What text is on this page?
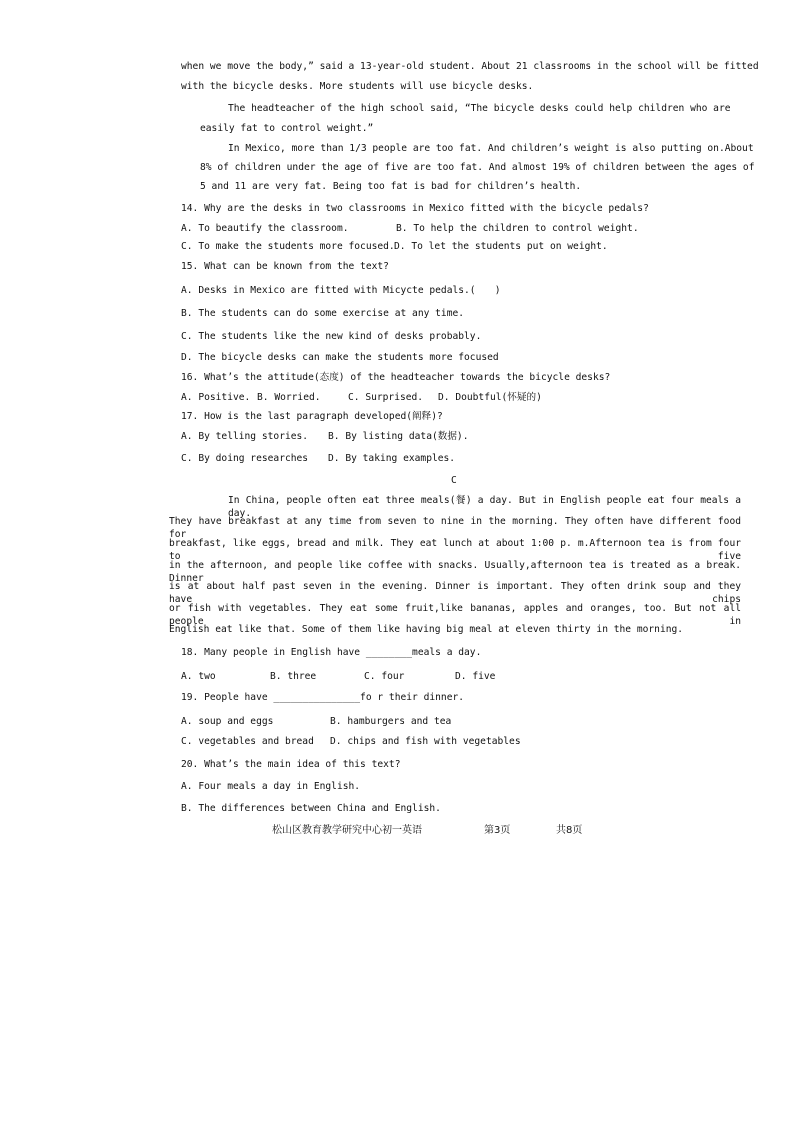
when we move the body,” said a 13-year-old student. About 21 classrooms in the school will be fitted
with the bicycle desks. More students will use bicycle desks.
The headteacher of the high school said, “The bicycle desks could help children who are
easily fat to control weight.”
In Mexico, more than 1/3 people are too fat. And children’s weight is also putting on.About
8% of children under the age of five are too fat. And almost 19% of children between the ages of
5 and 11 are very fat. Being too fat is bad for children’s health.
14. Why are the desks in two classrooms in Mexico fitted with the bicycle pedals?
A. To beautify the classroom.	B. To help the children to control weight.
C. To make the students more focused. D. To let the students put on weight.
15. What can be known from the text?
A. Desks in Mexico are fitted with Micycte pedals.(　　)
B. The students can do some exercise at any time.
C. The students like the new kind of desks probably.
D. The bicycle desks can make the students more focused
16. What’s the attitude(态度) of the headteacher towards the bicycle desks?
A. Positive. B. Worried.	C. Surprised. D. Doubtful(怀疑的)
17. How is the last paragraph developed(阐释)?
A. By telling stories. B. By listing data(数据).
C. By doing researches D. By taking examples.
C
In China, people often eat three meals(餐) a day. But in English people eat four meals a day.
They have breakfast at any time from seven to nine in the morning. They often have different food for
breakfast, like eggs, bread and milk. They eat lunch at about 1:00 p. m.Afternoon tea is from four to five
in the afternoon, and people like coffee with snacks. Usually,afternoon tea is treated as a break. Dinner
is at about half past seven in the evening. Dinner is important. They often drink soup and they have chips
or fish with vegetables. They eat some fruit,like bananas, apples and oranges, too. But not all people in
English eat like that. Some of them like having big meal at eleven thirty in the morning.
18. Many people in English have ________meals a day.
A. two	B. three	C. four	D. five
19. People have _______________fo r their dinner.
A. soup and eggs	B. hamburgers and tea
C. vegetables and bread D. chips and fish with vegetables
20. What’s the main idea of this text?
A. Four meals a day in English.
B. The differences between China and English.
松山区教育教学研究中心初一英语	第3页	共8页
